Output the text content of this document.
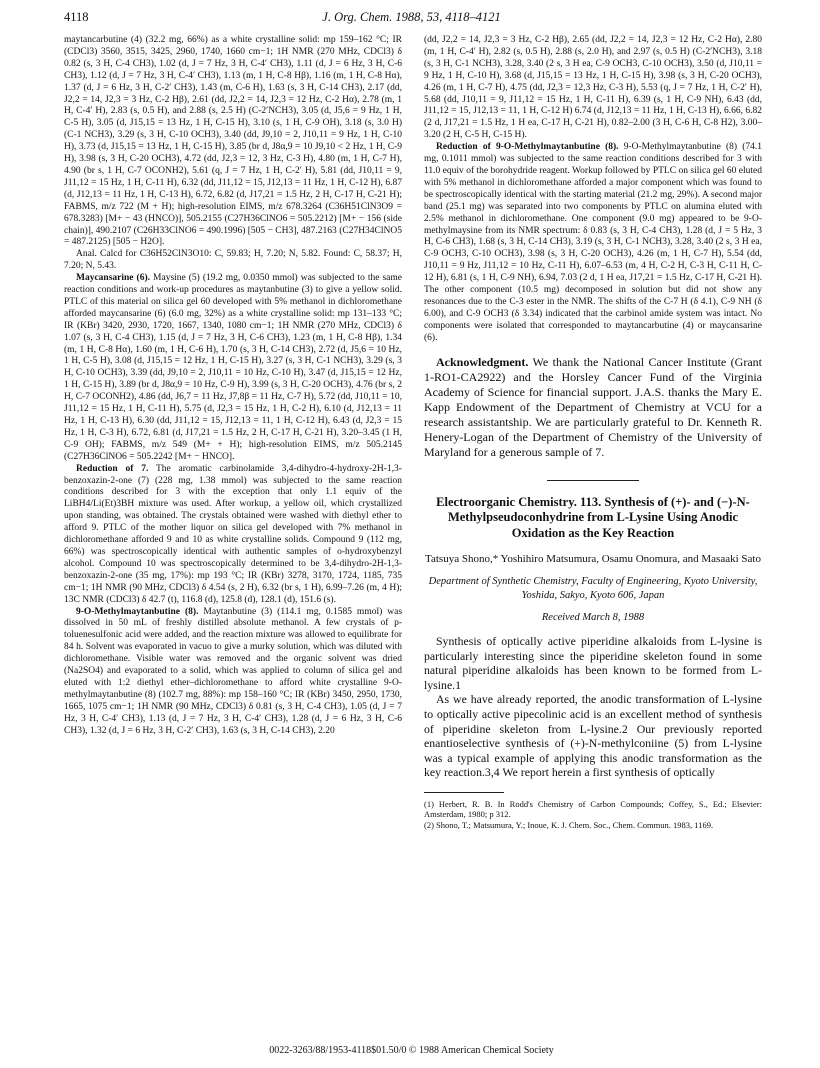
4118	J. Org. Chem. 1988, 53, 4118–4121

maytancarbutine (4) (32.2 mg, 66%) as a white crystalline solid: mp 159–162 °C; IR (CDCl3) 3560, 3515, 3425, 2960, 1740, 1660 cm−1; 1H NMR (270 MHz, CDCl3) δ 0.82 (s, 3 H, C-4 CH3), 1.02 (d, J = 7 Hz, 3 H, C-4′ CH3), 1.11 (d, J = 6 Hz, 3 H, C-6 CH3), 1.12 (d, J = 7 Hz, 3 H, C-4′ CH3), 1.13 (m, 1 H, C-8 Hβ), 1.16 (m, 1 H, C-8 Hα), 1.37 (d, J = 6 Hz, 3 H, C-2′ CH3), 1.43 (m, C-6 H), 1.63 (s, 3 H, C-14 CH3), 2.17 (dd, J2,2 = 14, J2,3 = 3 Hz, C-2 Hβ), 2.61 (dd, J2,2 = 14, J2,3 = 12 Hz, C-2 Hα), 2.78 (m, 1 H, C-4′ H), 2.83 (s, 0.5 H), and 2.88 (s, 2.5 H) (C-2′NCH3), 3.05 (d, J5,6 = 9 Hz, 1 H, C-5 H), 3.05 (d, J15,15 = 13 Hz, 1 H, C-15 H), 3.10 (s, 1 H, C-9 OH), 3.18 (s, 3.0 H) (C-1 NCH3), 3.29 (s, 3 H, C-10 OCH3), 3.40 (dd, J9,10 = 2, J10,11 = 9 Hz, 1 H, C-10 H), 3.73 (d, J15,15 = 13 Hz, 1 H, C-15 H), 3.85 (br d, J8α,9 = 10 J9,10 < 2 Hz, 1 H, C-9 H), 3.98 (s, 3 H, C-20 OCH3), 4.72 (dd, J2,3 = 12, 3 Hz, C-3 H), 4.80 (m, 1 H, C-7 H), 4.90 (br s, 1 H, C-7 OCONH2), 5.61 (q, J = 7 Hz, 1 H, C-2′ H), 5.81 (dd, J10,11 = 9, J11,12 = 15 Hz, 1 H, C-11 H), 6.32 (dd, J11,12 = 15, J12,13 = 11 Hz, 1 H, C-12 H), 6.87 (d, J12,13 = 11 Hz, 1 H, C-13 H), 6.72, 6.82 (d, J17,21 = 1.5 Hz, 2 H, C-17 H, C-21 H); FABMS, m/z 722 (M + H); high-resolution EIMS, m/z 678.3264 (C36H51ClN3O9 = 678.3283) [M+ − 43 (HNCO)], 505.2155 (C27H36ClNO6 = 505.2212) [M+ − 156 (side chain)], 490.2107 (C26H33ClNO6 = 490.1996) [505 − CH3], 487.2163 (C27H34ClNO5 = 487.2125) [505 − H2O].

Anal. Calcd for C36H52ClN3O10: C, 59.83; H, 7.20; N, 5.82. Found: C, 58.37; H, 7.20; N, 5.43.

Maycansarine (6). Maysine (5) (19.2 mg, 0.0350 mmol) was subjected to the same reaction conditions and work-up procedures as maytanbutine (3) to give a yellow solid. PTLC of this material on silica gel 60 developed with 5% methanol in dichloromethane afforded maycansarine (6) (6.0 mg, 32%) as a white crystalline solid: mp 131–133 °C; IR (KBr) 3420, 2930, 1720, 1667, 1340, 1080 cm−1; 1H NMR (270 MHz, CDCl3) δ 1.07 (s, 3 H, C-4 CH3), 1.15 (d, J = 7 Hz, 3 H, C-6 CH3), 1.23 (m, 1 H, C-8 Hβ), 1.34 (m, 1 H, C-8 Hα), 1.60 (m, 1 H, C-6 H), 1.70 (s, 3 H, C-14 CH3), 2.72 (d, J5,6 = 10 Hz, 1 H, C-5 H), 3.08 (d, J15,15 = 12 Hz, 1 H, C-15 H), 3.27 (s, 3 H, C-1 NCH3), 3.29 (s, 3 H, C-10 OCH3), 3.39 (dd, J9,10 = 2, J10,11 = 10 Hz, C-10 H), 3.47 (d, J15,15 = 12 Hz, 1 H, C-15 H), 3.89 (br d, J8α,9 = 10 Hz, C-9 H), 3.99 (s, 3 H, C-20 OCH3), 4.76 (br s, 2 H, C-7 OCONH2), 4.86 (dd, J6,7 = 11 Hz, J7,8β = 11 Hz, C-7 H), 5.72 (dd, J10,11 = 10, J11,12 = 15 Hz, 1 H, C-11 H), 5.75 (d, J2,3 = 15 Hz, 1 H, C-2 H), 6.10 (d, J12,13 = 11 Hz, 1 H, C-13 H), 6.30 (dd, J11,12 = 15, J12,13 = 11, 1 H, C-12 H), 6.43 (d, J2,3 = 15 Hz, 1 H, C-3 H), 6.72, 6.81 (d, J17,21 = 1.5 Hz, 2 H, C-17 H, C-21 H), 3.20–3.45 (1 H, C-9 OH); FABMS, m/z 549 (M+ + H); high-resolution EIMS, m/z 505.2145 (C27H36ClNO6 = 505.2242 [M+ − HNCO].

Reduction of 7. The aromatic carbinolamide 3,4-dihydro-4-hydroxy-2H-1,3-benzoxazin-2-one (7) (228 mg, 1.38 mmol) was subjected to the same reaction conditions described for 3 with the exception that only 1.1 equiv of the LiBH4/Li(Et)3BH mixture was used. After workup, a yellow oil, which crystallized upon standing, was obtained. The crystals obtained were washed with diethyl ether to afford 9. PTLC of the mother liquor on silica gel developed with 7% methanol in dichloromethane afforded 9 and 10 as white crystalline solids. Compound 9 (112 mg, 66%) was spectroscopically identical with authentic samples of o-hydroxybenzyl alcohol. Compound 10 was spectroscopically determined to be 3,4-dihydro-2H-1,3-benzoxazin-2-one (35 mg, 17%): mp 193 °C; IR (KBr) 3278, 3170, 1724, 1185, 735 cm−1; 1H NMR (90 MHz, CDCl3) δ 4.54 (s, 2 H), 6.32 (br s, 1 H), 6.99–7.26 (m, 4 H); 13C NMR (CDCl3) δ 42.7 (t), 116.8 (d), 125.8 (d), 128.1 (d), 151.6 (s).

9-O-Methylmaytanbutine (8). Maytanbutine (3) (114.1 mg, 0.1585 mmol) was dissolved in 50 mL of freshly distilled absolute methanol. A few crystals of p-toluenesulfonic acid were added, and the reaction mixture was allowed to equilibrate for 84 h. Solvent was evaporated in vacuo to give a murky solution, which was diluted with dichloromethane. Visible water was removed and the organic solvent was dried (Na2SO4) and evaporated to a solid, which was applied to column of silica gel and eluted with 1:2 diethyl ether–dichloromethane to afford white crystalline 9-O-methylmaytanbutine (8) (102.7 mg, 88%): mp 158–160 °C; IR (KBr) 3450, 2950, 1730, 1665, 1075 cm−1; 1H NMR (90 MHz, CDCl3) δ 0.81 (s, 3 H, C-4 CH3), 1.05 (d, J = 7 Hz, 3 H, C-4′ CH3), 1.13 (d, J = 7 Hz, 3 H, C-4′ CH3), 1.28 (d, J = 6 Hz, 3 H, C-6 CH3), 1.32 (d, J = 6 Hz, 3 H, C-2′ CH3), 1.63 (s, 3 H, C-14 CH3), 2.20

(dd, J2,2 = 14, J2,3 = 3 Hz, C-2 Hβ), 2.65 (dd, J2,2 = 14, J2,3 = 12 Hz, C-2 Hα), 2.80 (m, 1 H, C-4′ H), 2.82 (s, 0.5 H), 2.88 (s, 2.0 H), and 2.97 (s, 0.5 H) (C-2′NCH3), 3.18 (s, 3 H, C-1 NCH3), 3.28, 3.40 (2 s, 3 H ea, C-9 OCH3, C-10 OCH3), 3.50 (d, J10,11 = 9 Hz, 1 H, C-10 H), 3.68 (d, J15,15 = 13 Hz, 1 H, C-15 H), 3.98 (s, 3 H, C-20 OCH3), 4.26 (m, 1 H, C-7 H), 4.75 (dd, J2,3 = 12,3 Hz, C-3 H), 5.53 (q, J = 7 Hz, 1 H, C-2′ H), 5.68 (dd, J10,11 = 9, J11,12 = 15 Hz, 1 H, C-11 H), 6.39 (s, 1 H, C-9 NH), 6.43 (dd, J11,12 = 15, J12,13 = 11, 1 H, C-12 H) 6.74 (d, J12,13 = 11 Hz, 1 H, C-13 H), 6.66, 6.82 (2 d, J17,21 = 1.5 Hz, 1 H ea, C-17 H, C-21 H), 0.82–2.00 (3 H, C-6 H, C-8 H2), 3.00–3.20 (2 H, C-5 H, C-15 H).

Reduction of 9-O-Methylmaytanbutine (8). 9-O-Methylmaytanbutine (8) (74.1 mg, 0.1011 mmol) was subjected to the same reaction conditions described for 3 with 11.0 equiv of the borohydride reagent. Workup followed by PTLC on silica gel 60 eluted with 5% methanol in dichloromethane afforded a major component which was found to be spectroscopically identical with the starting material (21.2 mg, 29%). A second major band (25.1 mg) was separated into two components by PTLC on alumina eluted with 2.5% methanol in dichloromethane. One component (9.0 mg) appeared to be 9-O-methylmaysine from its NMR spectrum: δ 0.83 (s, 3 H, C-4 CH3), 1.28 (d, J = 5 Hz, 3 H, C-6 CH3), 1.68 (s, 3 H, C-14 CH3), 3.19 (s, 3 H, C-1 NCH3), 3.28, 3.40 (2 s, 3 H ea, C-9 OCH3, C-10 OCH3), 3.98 (s, 3 H, C-20 OCH3), 4.26 (m, 1 H, C-7 H), 5.54 (dd, J10,11 = 9 Hz, J11,12 = 10 Hz, C-11 H), 6.07–6.53 (m, 4 H, C-2 H, C-3 H, C-11 H, C-12 H), 6.81 (s, 1 H, C-9 NH), 6.94, 7.03 (2 d, 1 H ea, J17,21 = 1.5 Hz, C-17 H, C-21 H). The other component (10.5 mg) decomposed in solution but did not show any resonances due to the C-3 ester in the NMR. The shifts of the C-7 H (δ 4.1), C-9 NH (δ 6.00), and C-9 OCH3 (δ 3.34) indicated that the carbinol amide system was intact. No components were isolated that corresponded to maytancarbutine (4) or maycansarine (6).

Acknowledgment. We thank the National Cancer Institute (Grant 1-RO1-CA2922) and the Horsley Cancer Fund of the Virginia Academy of Science for financial support. J.A.S. thanks the Mary E. Kapp Endowment of the Department of Chemistry at VCU for a research assistantship. We are particularly grateful to Dr. Kenneth R. Henery-Logan of the Department of Chemistry of the University of Maryland for a generous sample of 7.

Electroorganic Chemistry. 113. Synthesis of (+)- and (−)-N-Methylpseudoconhydrine from L-Lysine Using Anodic Oxidation as the Key Reaction
Tatsuya Shono,* Yoshihiro Matsumura, Osamu Onomura, and Masaaki Sato
Department of Synthetic Chemistry, Faculty of Engineering, Kyoto University, Yoshida, Sakyo, Kyoto 606, Japan
Received March 8, 1988

Synthesis of optically active piperidine alkaloids from L-lysine is particularly interesting since the piperidine skeleton found in some natural piperidine alkaloids has been known to be formed from L-lysine.1

As we have already reported, the anodic transformation of L-lysine to optically active pipecolinic acid is an excellent method of synthesis of piperidine skeleton from L-lysine.2 Our previously reported enantioselective synthesis of (+)-N-methylconiine (5) from L-lysine was a typical example of applying this anodic transformation as the key reaction.3,4 We report herein a first synthesis of optically

(1) Herbert, R. B. In Rodd's Chemistry of Carbon Compounds; Coffey, S., Ed.; Elsevier: Amsterdam, 1980; p 312.

(2) Shono, T.; Matsumura, Y.; Inoue, K. J. Chem. Soc., Chem. Commun. 1983, 1169.

0022-3263/88/1953-4118$01.50/0 © 1988 American Chemical Society
